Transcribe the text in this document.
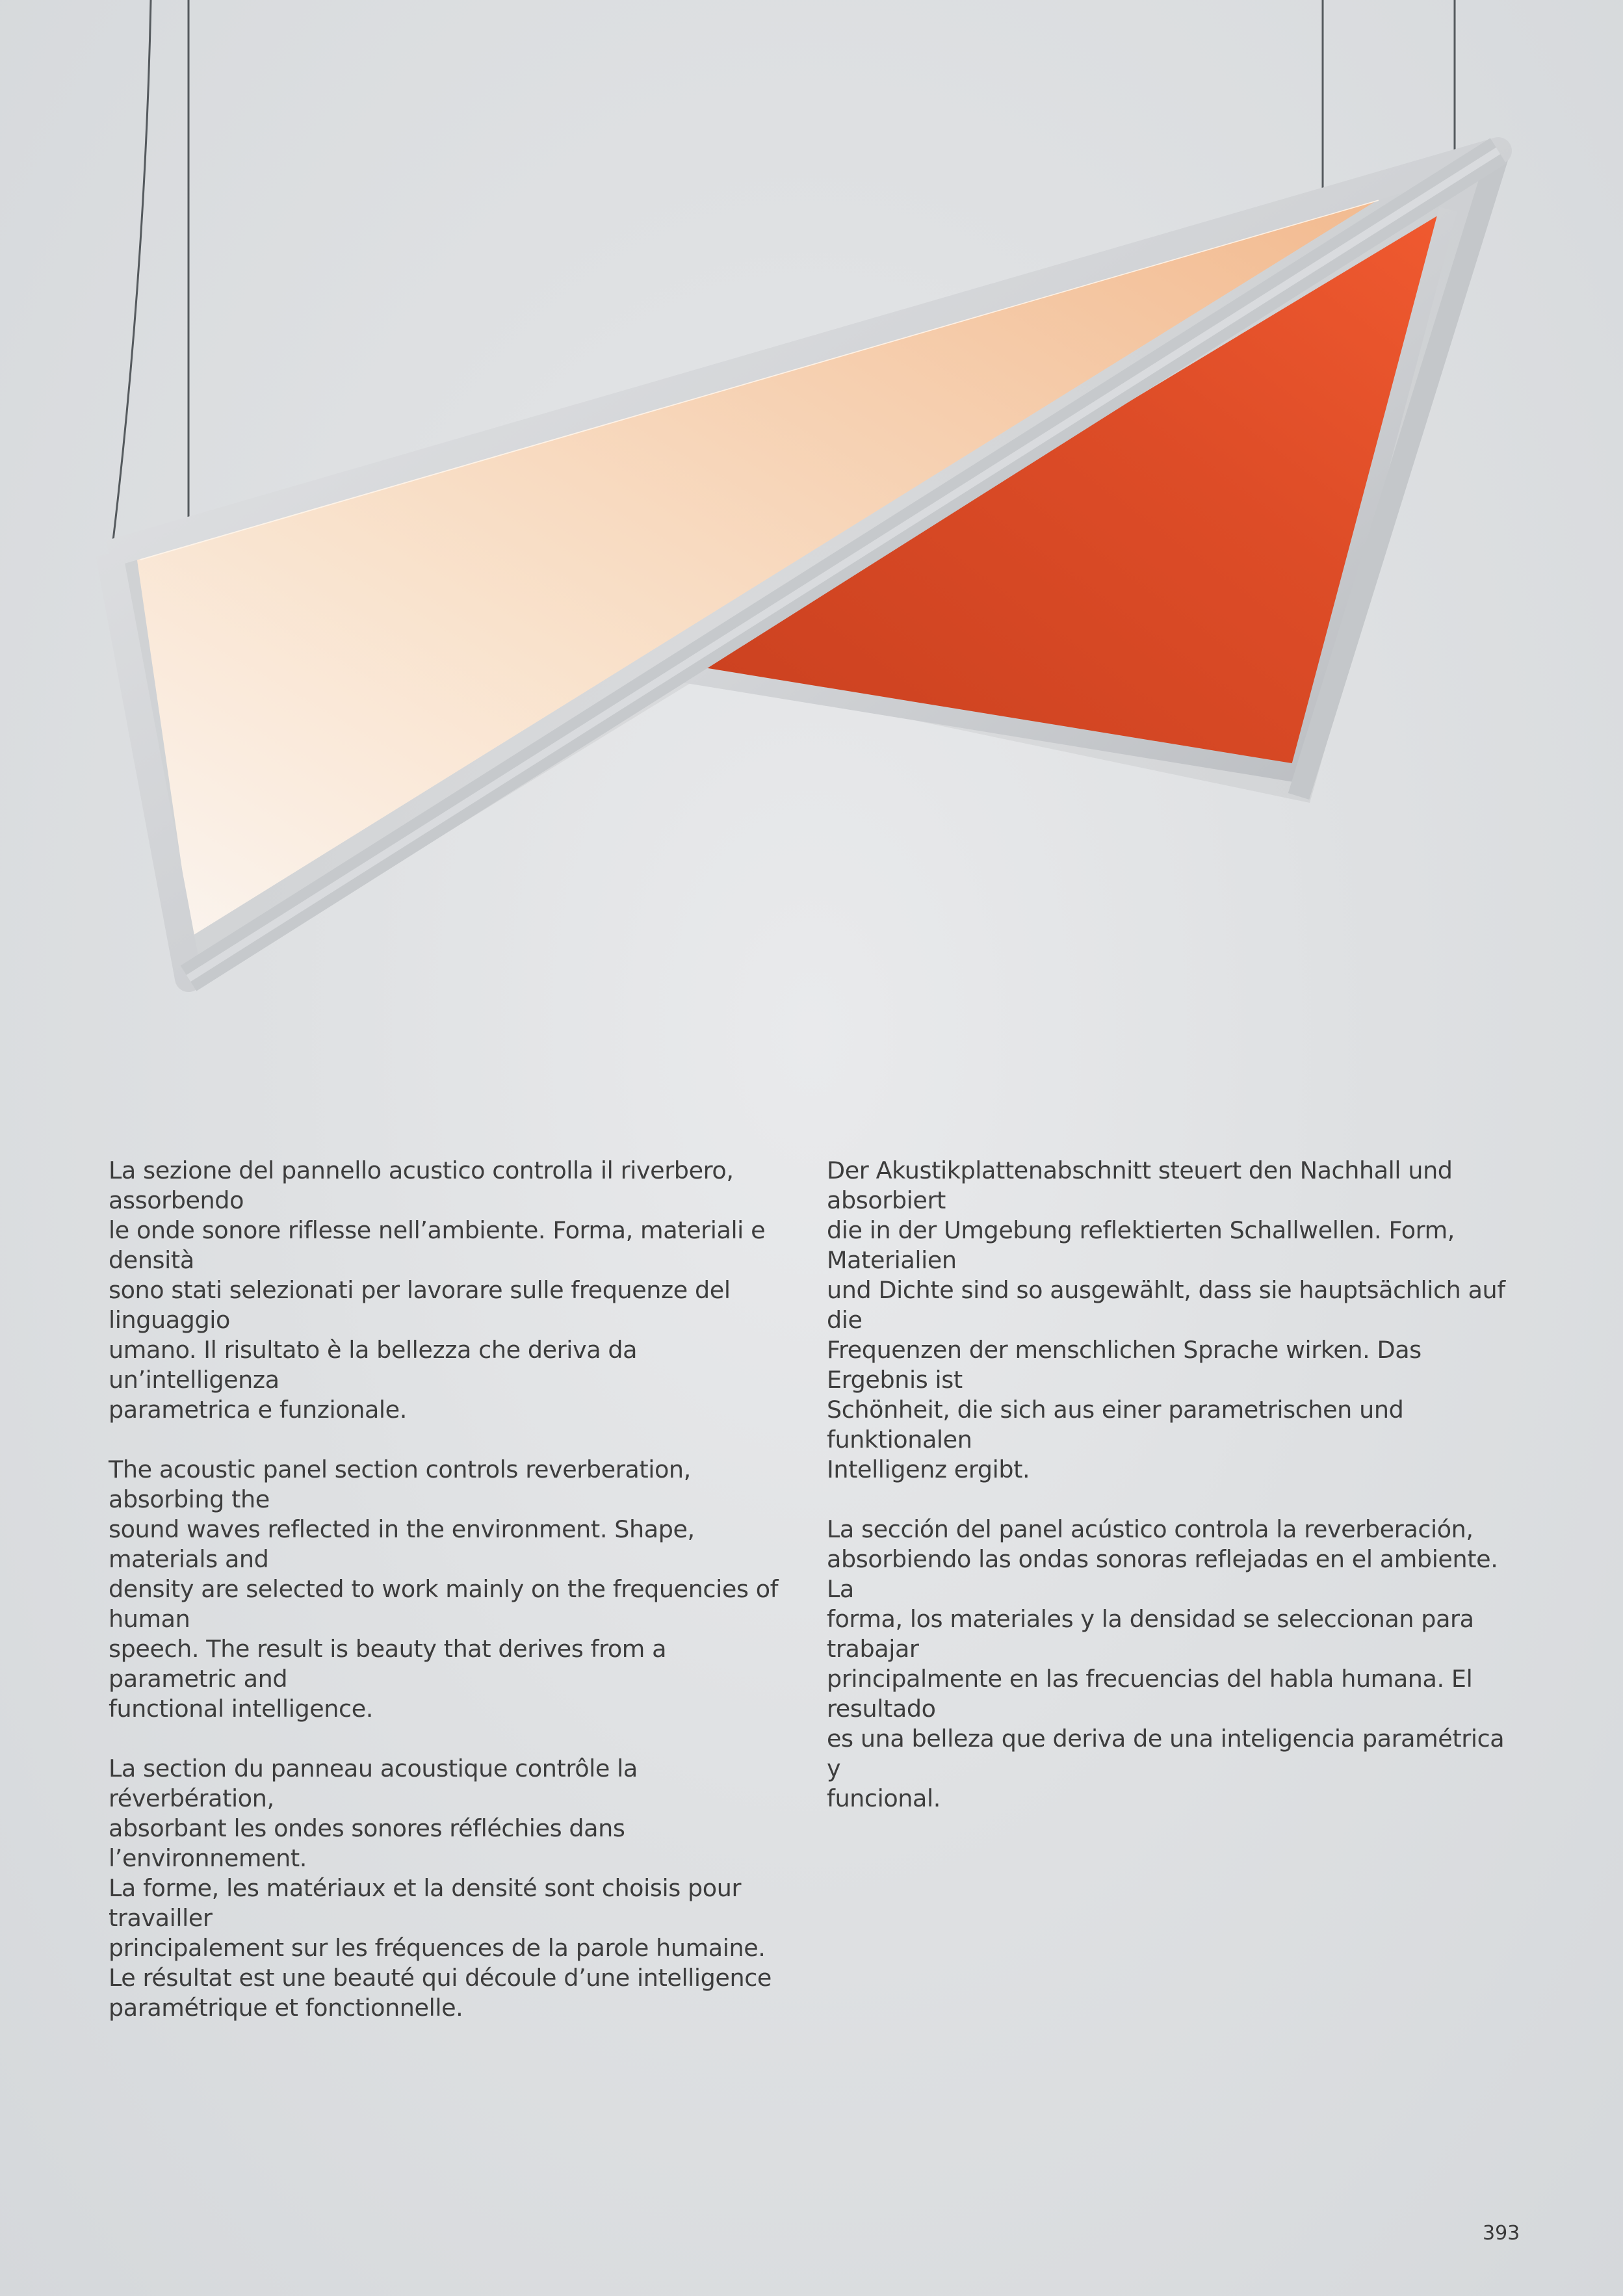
La sezione del pannello acustico controlla il riverbero, assorbendo
le onde sonore riflesse nell’ambiente. Forma, materiali e densità
sono stati selezionati per lavorare sulle frequenze del linguaggio
umano. Il risultato è la bellezza che deriva da un’intelligenza
parametrica e funzionale.

The acoustic panel section controls reverberation, absorbing the
sound waves reflected in the environment. Shape, materials and
density are selected to work mainly on the frequencies of human
speech. The result is beauty that derives from a parametric and
functional intelligence.

La section du panneau acoustique contrôle la réverbération,
absorbant les ondes sonores réfléchies dans l’environnement.
La forme, les matériaux et la densité sont choisis pour travailler
principalement sur les fréquences de la parole humaine.
Le résultat est une beauté qui découle d’une intelligence
paramétrique et fonctionnelle.

Der Akustikplattenabschnitt steuert den Nachhall und absorbiert
die in der Umgebung reflektierten Schallwellen. Form, Materialien
und Dichte sind so ausgewählt, dass sie hauptsächlich auf die
Frequenzen der menschlichen Sprache wirken. Das Ergebnis ist
Schönheit, die sich aus einer parametrischen und funktionalen
Intelligenz ergibt.

La sección del panel acústico controla la reverberación,
absorbiendo las ondas sonoras reflejadas en el ambiente. La
forma, los materiales y la densidad se seleccionan para trabajar
principalmente en las frecuencias del habla humana. El resultado
es una belleza que deriva de una inteligencia paramétrica y
funcional.

393
